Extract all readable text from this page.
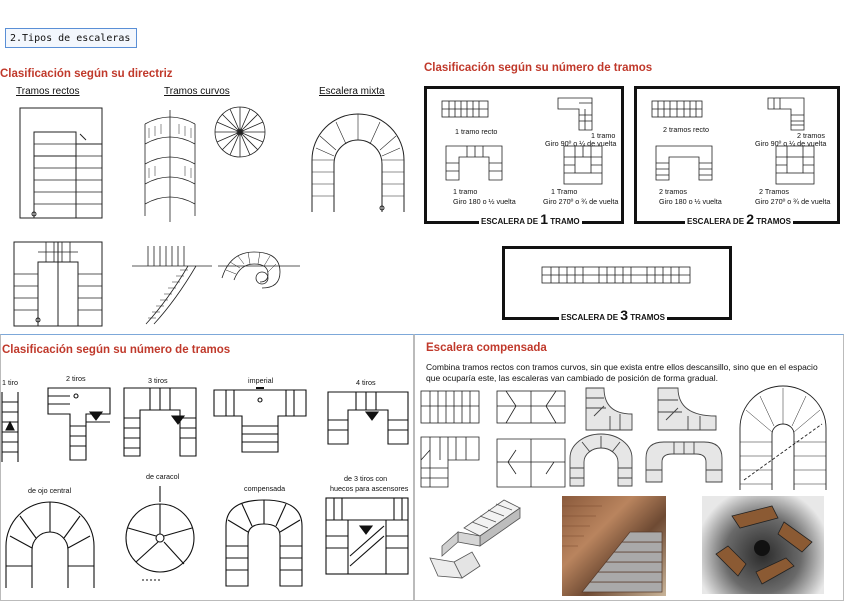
2.Tipos de escaleras
Clasificación según su directriz
Tramos rectos	Tramos curvos	Escalera mixta
Clasificación según su número de tramos
1 tramo recto	1 tramo
Giro 90º o ¼ de vuelta
1 tramo
Giro 180 o ½ vuelta
1 Tramo
Giro 270º o ¾ de vuelta
ESCALERA DE 1 TRAMO
2 tramos recto
2 tramos
Giro 90º o ¼ de vuelta
2 tramos
Giro 180 o ½ vuelta
2 Tramos
Giro 270º o ¾ de vuelta
ESCALERA DE 2 TRAMOS
ESCALERA DE 3 TRAMOS
Clasificación según su número de tramos
1 tiro	2 tiros	3 tiros	imperial	4 tiros
de ojo central
de caracol
compensada
de 3 tiros con
huecos para ascensores
Escalera compensada
Combina tramos rectos con tramos curvos, sin que exista entre ellos descansillo, sino que en el espacio que ocuparía este, las escaleras van cambiado de posición de forma gradual.
